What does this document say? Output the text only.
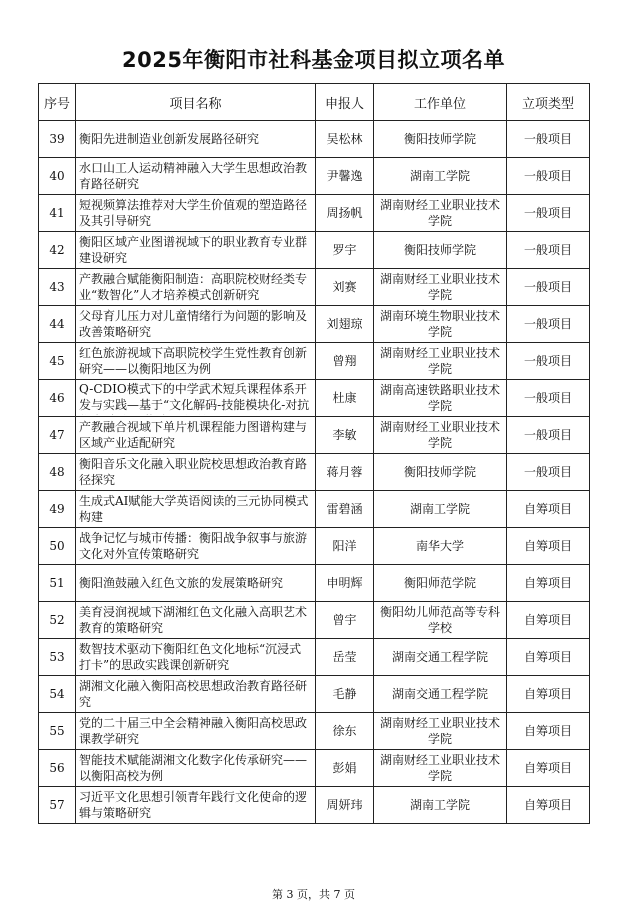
2025年衡阳市社科基金项目拟立项名单
序号	项目名称	申报人	工作单位	立项类型

39	衡阳先进制造业创新发展路径研究	吴松林	衡阳技师学院	一般项目

40	水口山工人运动精神融入大学生思想政治教育路径研究	尹馨逸	湖南工学院	一般项目

41	短视频算法推荐对大学生价值观的塑造路径及其引导研究	周扬帆	湖南财经工业职业技术学院	一般项目

42	衡阳区域产业图谱视域下的职业教育专业群建设研究	罗宇	衡阳技师学院	一般项目

43	产教融合赋能衡阳制造：高职院校财经类专业“数智化”人才培养模式创新研究	刘赛	湖南财经工业职业技术学院	一般项目

44	父母育儿压力对儿童情绪行为问题的影响及改善策略研究	刘翅琼	湖南环境生物职业技术学院	一般项目

45	红色旅游视域下高职院校学生党性教育创新研究——以衡阳地区为例	曾翔	湖南财经工业职业技术学院	一般项目

46	Q-CDIO模式下的中学武术短兵课程体系开发与实践—基于“文化解码-技能模块化-对抗	杜康	湖南高速铁路职业技术学院	一般项目

47	产教融合视域下单片机课程能力图谱构建与区域产业适配研究	李敏	湖南财经工业职业技术学院	一般项目

48	衡阳音乐文化融入职业院校思想政治教育路径探究	蒋月蓉	衡阳技师学院	一般项目

49	生成式AI赋能大学英语阅读的三元协同模式构建	雷碧涵	湖南工学院	自筹项目

50	战争记忆与城市传播：衡阳战争叙事与旅游文化对外宣传策略研究	阳洋	南华大学	自筹项目

51	衡阳渔鼓融入红色文旅的发展策略研究	申明辉	衡阳师范学院	自筹项目

52	美育浸润视域下湖湘红色文化融入高职艺术教育的策略研究	曾宇	衡阳幼儿师范高等专科学校	自筹项目

53	数智技术驱动下衡阳红色文化地标“沉浸式打卡”的思政实践课创新研究	岳莹	湖南交通工程学院	自筹项目

54	湖湘文化融入衡阳高校思想政治教育路径研究	毛静	湖南交通工程学院	自筹项目

55	党的二十届三中全会精神融入衡阳高校思政课教学研究	徐东	湖南财经工业职业技术学院	自筹项目

56	智能技术赋能湖湘文化数字化传承研究——以衡阳高校为例	彭娟	湖南财经工业职业技术学院	自筹项目

57	习近平文化思想引领青年践行文化使命的逻辑与策略研究	周妍玮	湖南工学院	自筹项目
第 3 页，共 7 页
